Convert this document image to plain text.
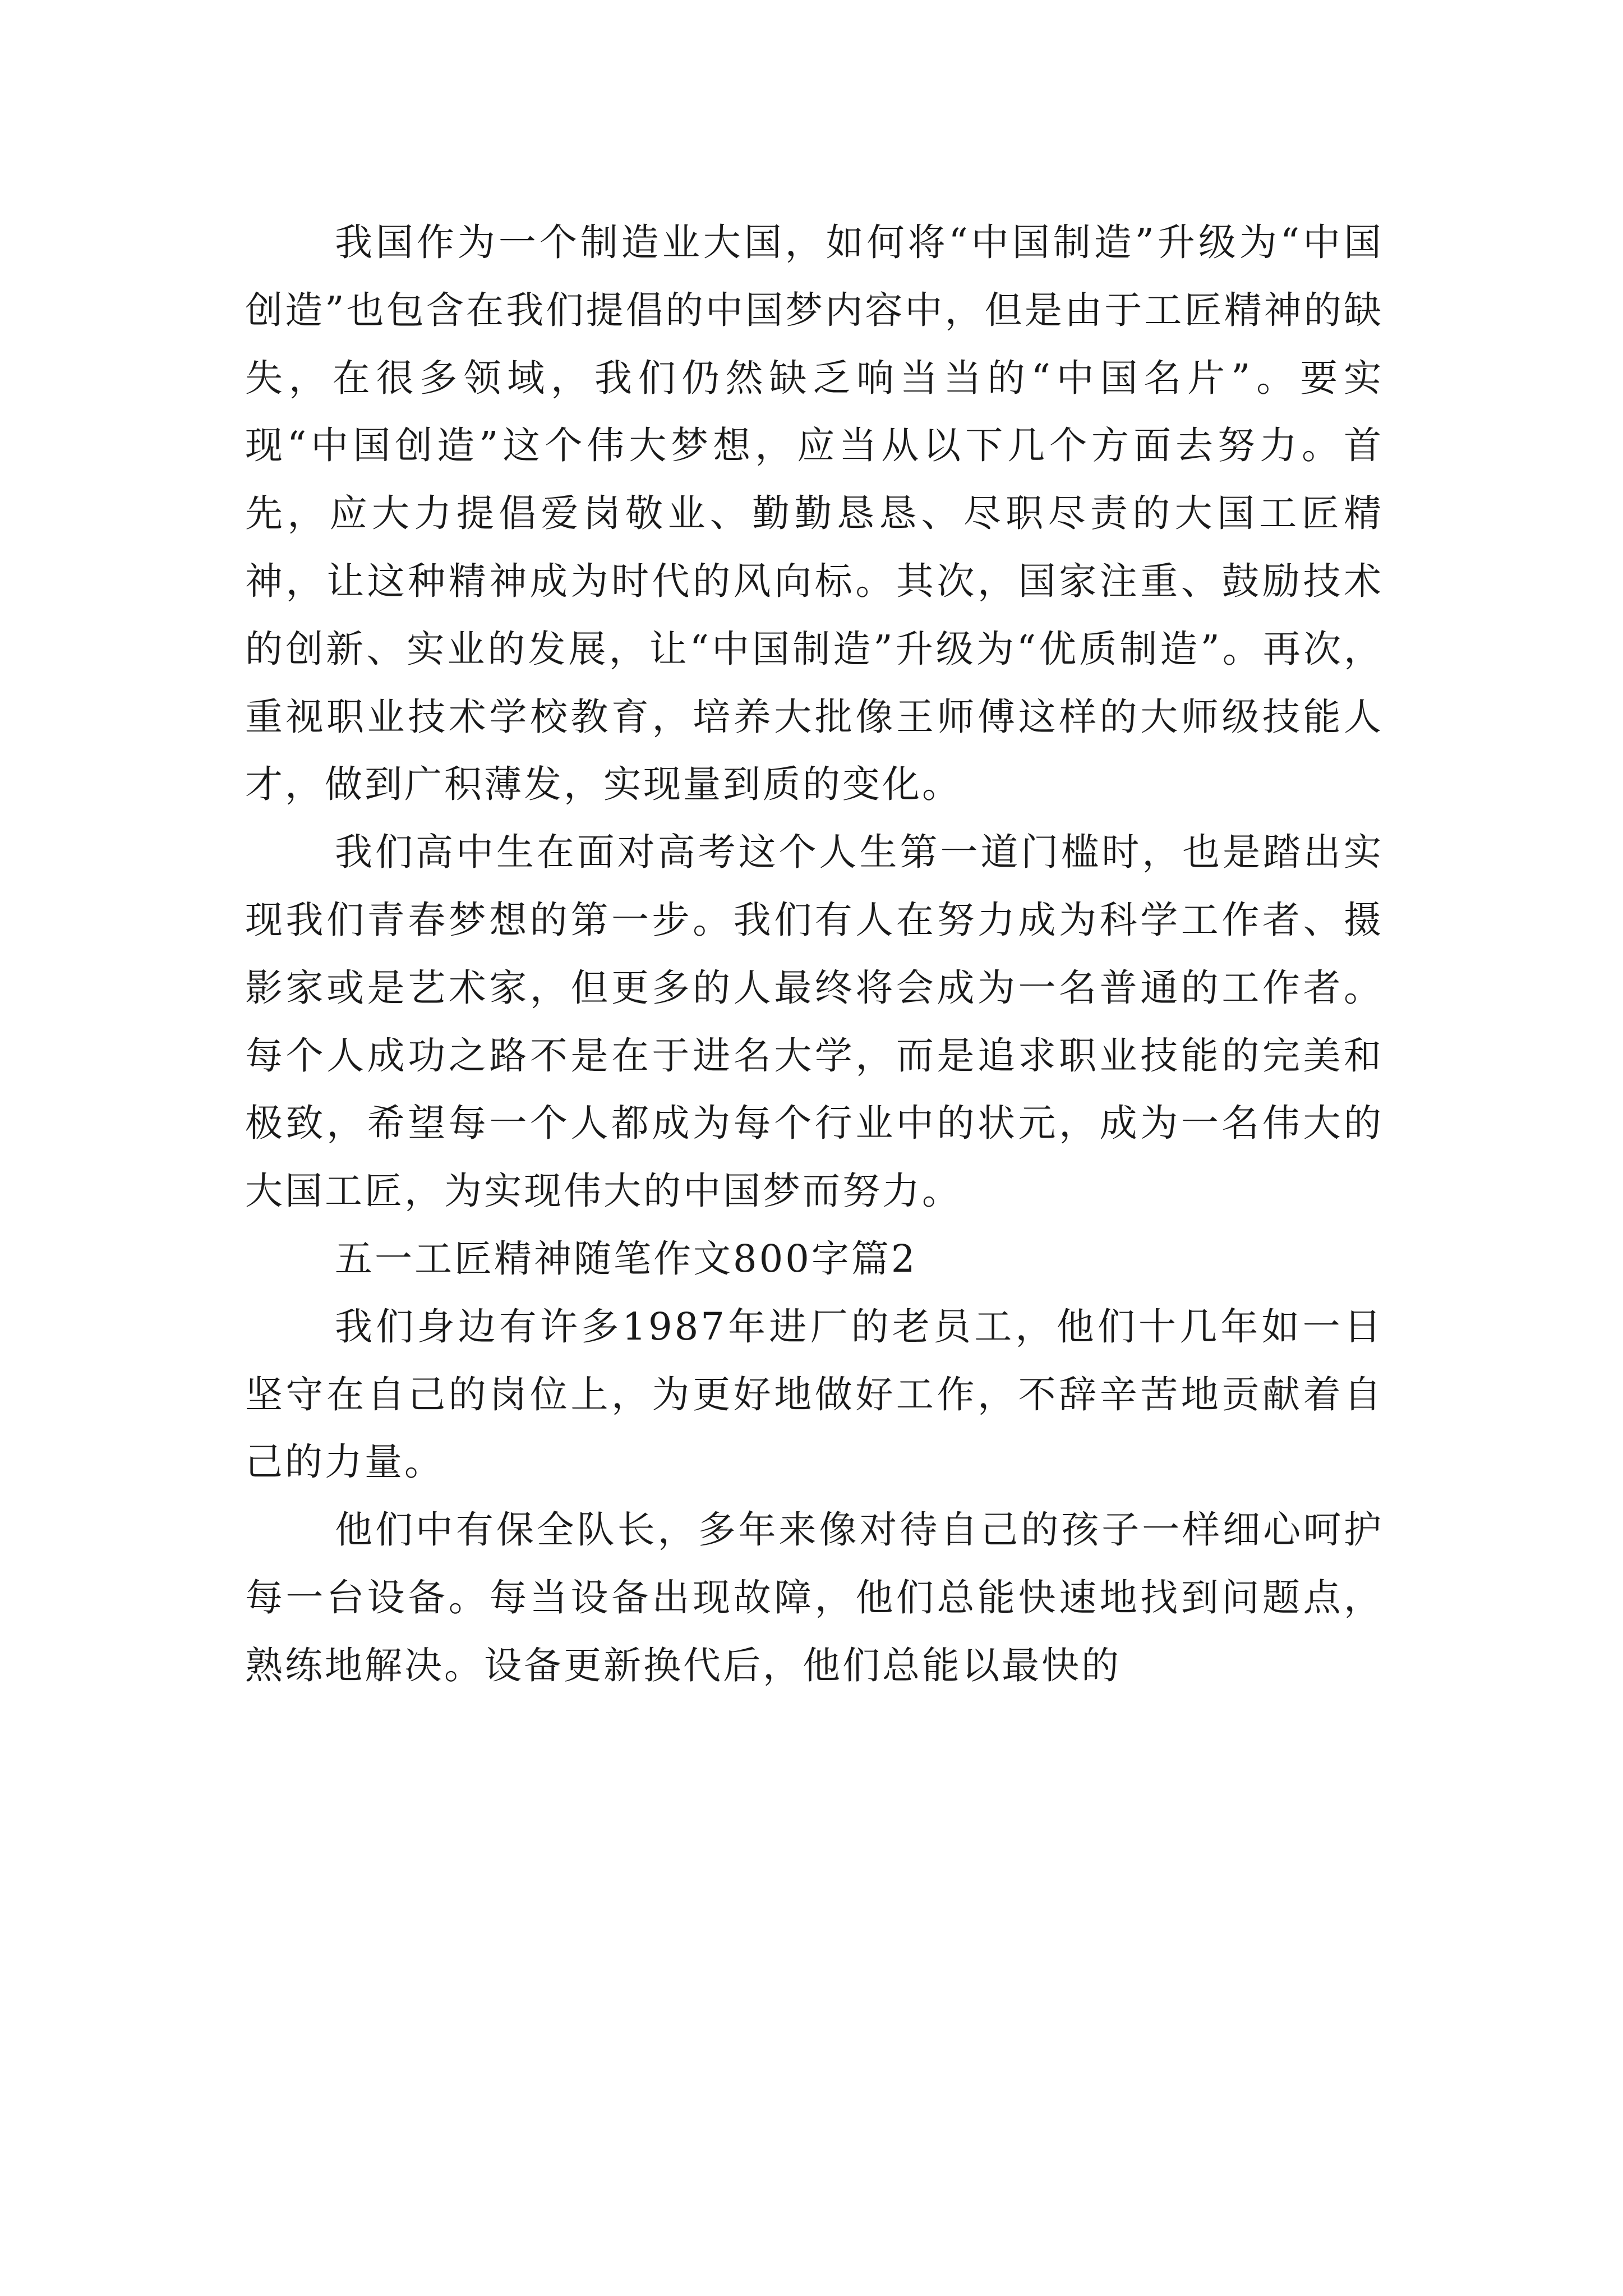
我国作为一个制造业大国，如何将“中国制造”升级为“中国创造”也包含在我们提倡的中国梦内容中，但是由于工匠精神的缺失，在很多领域，我们仍然缺乏响当当的“中国名片”。要实现“中国创造”这个伟大梦想，应当从以下几个方面去努力。首先，应大力提倡爱岗敬业、勤勤恳恳、尽职尽责的大国工匠精神，让这种精神成为时代的风向标。其次，国家注重、鼓励技术的创新、实业的发展，让“中国制造”升级为“优质制造”。再次，重视职业技术学校教育，培养大批像王师傅这样的大师级技能人才，做到广积薄发，实现量到质的变化。

我们高中生在面对高考这个人生第一道门槛时，也是踏出实现我们青春梦想的第一步。我们有人在努力成为科学工作者、摄影家或是艺术家，但更多的人最终将会成为一名普通的工作者。每个人成功之路不是在于进名大学，而是追求职业技能的完美和极致，希望每一个人都成为每个行业中的状元，成为一名伟大的大国工匠，为实现伟大的中国梦而努力。

五一工匠精神随笔作文800字篇2

我们身边有许多1987年进厂的老员工，他们十几年如一日坚守在自己的岗位上，为更好地做好工作，不辞辛苦地贡献着自己的力量。

他们中有保全队长，多年来像对待自己的孩子一样细心呵护每一台设备。每当设备出现故障，他们总能快速地找到问题点，熟练地解决。设备更新换代后，他们总能以最快的
